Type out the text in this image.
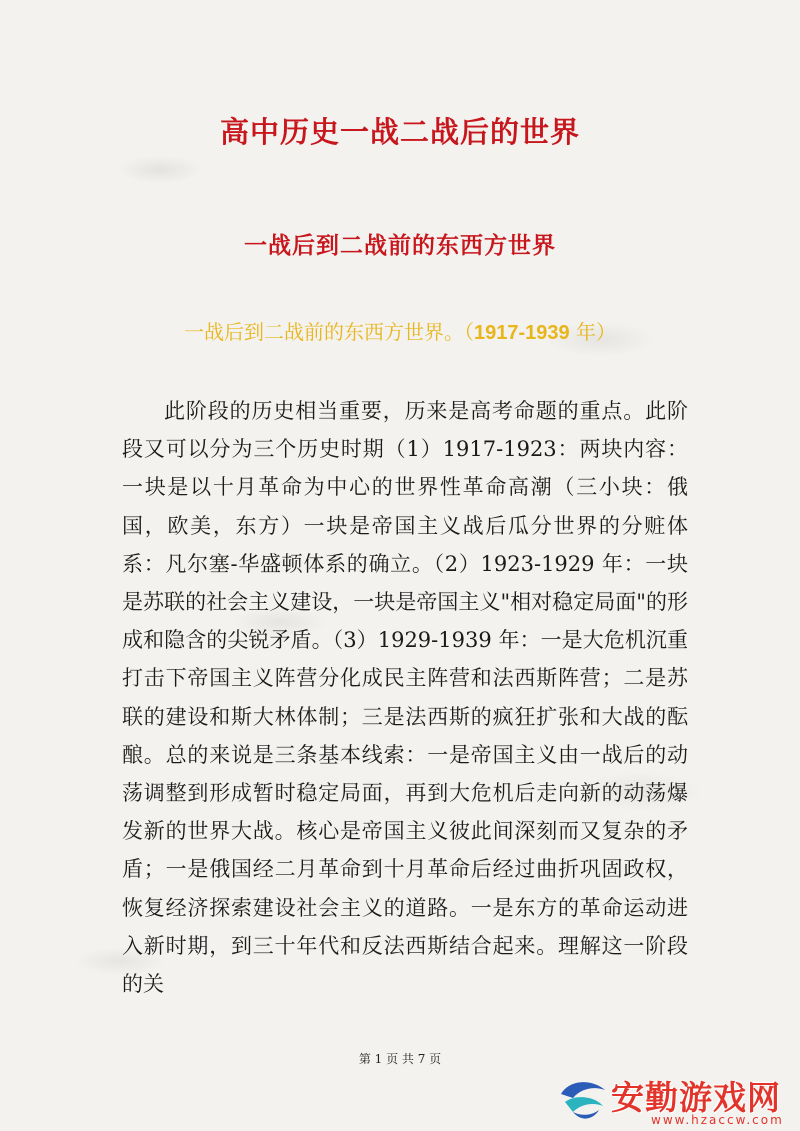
高中历史一战二战后的世界
一战后到二战前的东西方世界
一战后到二战前的东西方世界。（1917-1939 年）

此阶段的历史相当重要，历来是高考命题的重点。此阶段又可以分为三个历史时期（1）1917-1923：两块内容：一块是以十月革命为中心的世界性革命高潮（三小块：俄国，欧美，东方）一块是帝国主义战后瓜分世界的分赃体系：凡尔塞-华盛顿体系的确立。（2）1923-1929 年：一块是苏联的社会主义建设，一块是帝国主义"相对稳定局面"的形成和隐含的尖锐矛盾。（3）1929-1939 年：一是大危机沉重打击下帝国主义阵营分化成民主阵营和法西斯阵营；二是苏联的建设和斯大林体制；三是法西斯的疯狂扩张和大战的酝酿。总的来说是三条基本线索：一是帝国主义由一战后的动荡调整到形成暂时稳定局面，再到大危机后走向新的动荡爆发新的世界大战。核心是帝国主义彼此间深刻而又复杂的矛盾；一是俄国经二月革命到十月革命后经过曲折巩固政权，恢复经济探索建设社会主义的道路。一是东方的革命运动进入新时期，到三十年代和反法西斯结合起来。理解这一阶段的关

第 1 页 共 7 页
安勤游戏网
www.hzaccw.com
